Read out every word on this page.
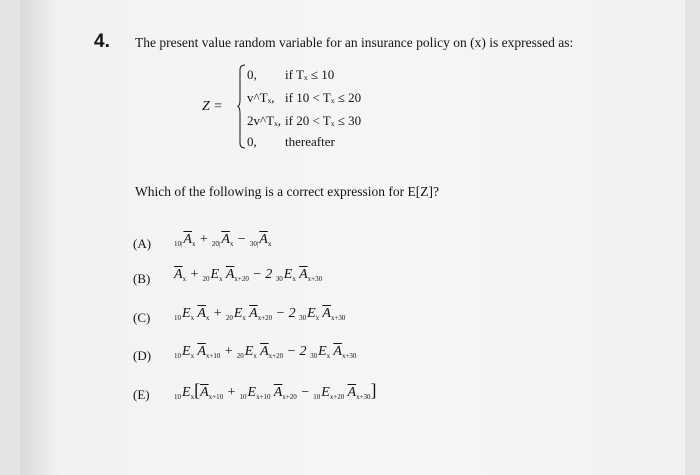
4. The present value random variable for an insurance policy on (x) is expressed as:
Z =
0, if Tₓ ≤ 10
v^Tₓ, if 10 < Tₓ ≤ 20
2v^Tₓ, if 20 < Tₓ ≤ 30
0, thereafter
Which of the following is a correct expression for E[Z]?
(A)	$_{10|}\overline{A}_x + _{20|}\overline{A}_x - _{30|}\overline{A}_x$
(B) $\overline{A}_x + _{20}E_x$ $\overline{A}_{x+20} - 2$ $_{30}E_x$ $\overline{A}_{x+30}$
(C)	$_{10}E_x$ $\overline{A}_x + _{20}E_x$ $\overline{A}_{x+20} - 2$ $_{30}E_x$ $\overline{A}_{x+30}$
(D)	$_{10}E_x$ $\overline{A}_{x+10} + _{20}E_x$ $\overline{A}_{x+20} - 2$ $_{30}E_x$ $\overline{A}_{x+30}$
(E)	$_{10}E_x[\overline{A}_{x+10} + _{10}E_{x+10}$ $\overline{A}_{x+20} - _{10}E_{x+20}$ $\overline{A}_{x+30}$]
